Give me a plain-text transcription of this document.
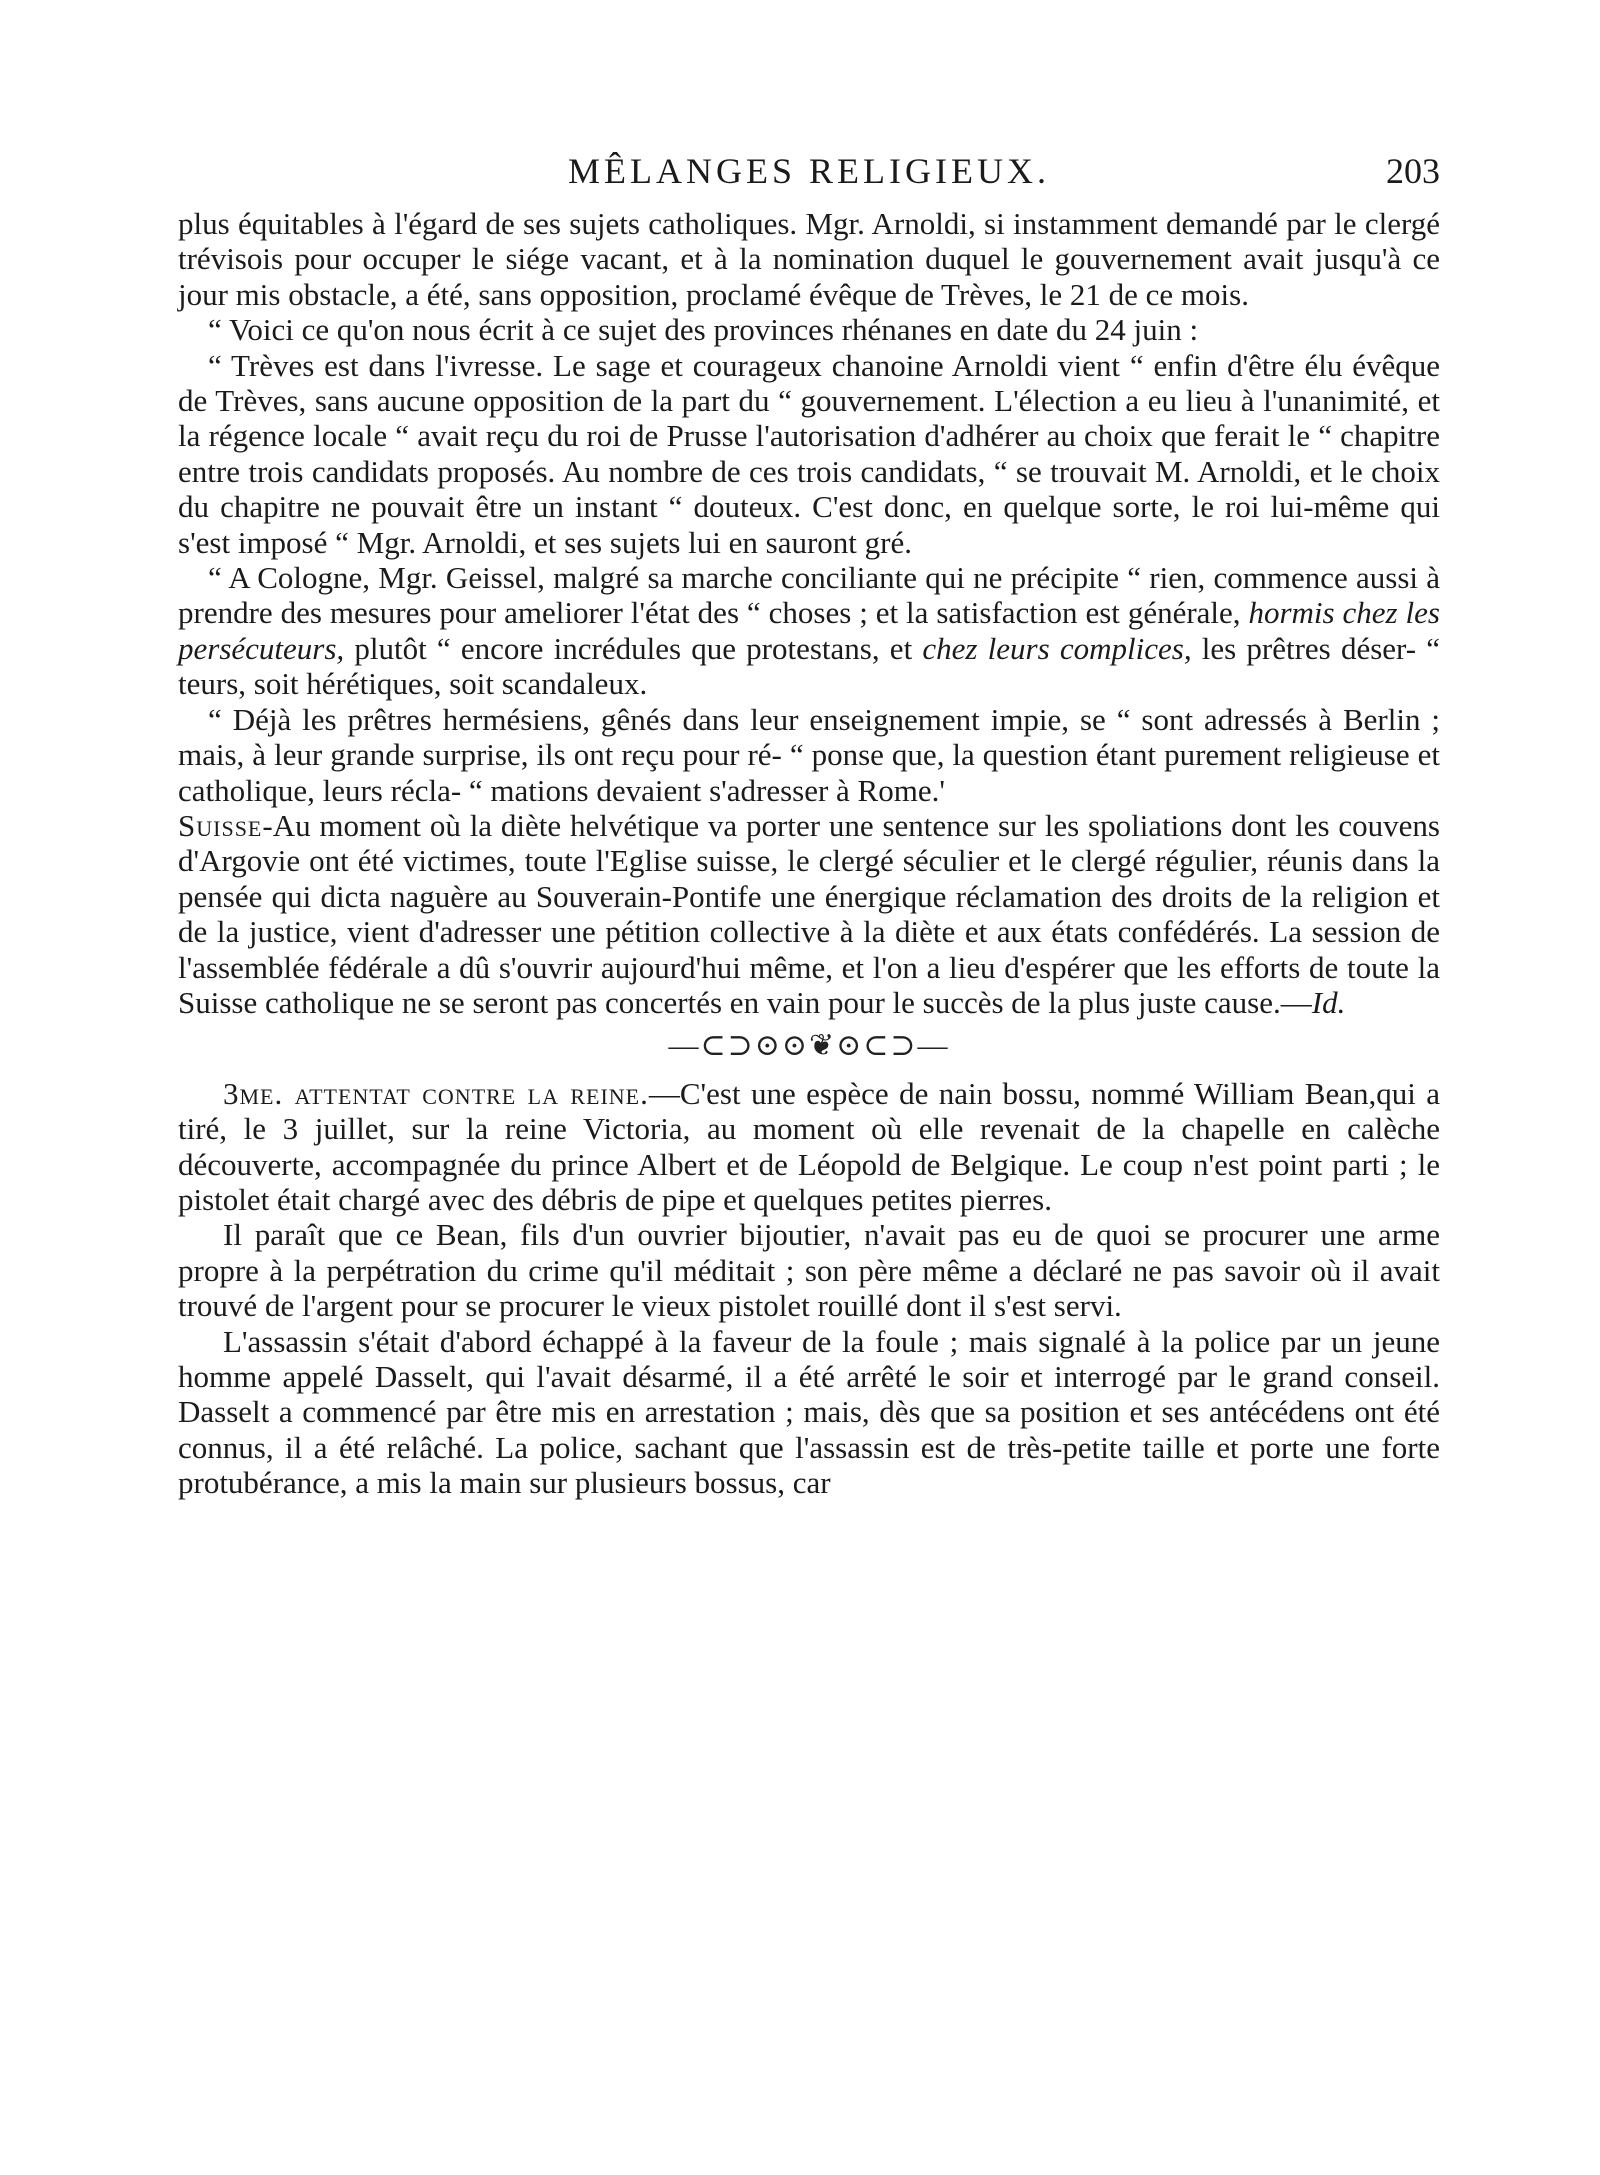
MÊLANGES RELIGIEUX.	203

plus équitables à l'égard de ses sujets catholiques. Mgr. Arnoldi, si instamment demandé par le clergé trévisois pour occuper le siége vacant, et à la nomination duquel le gouvernement avait jusqu'à ce jour mis obstacle, a été, sans opposition, proclamé évêque de Trèves, le 21 de ce mois.

“ Voici ce qu'on nous écrit à ce sujet des provinces rhénanes en date du 24 juin :

“ Trèves est dans l'ivresse. Le sage et courageux chanoine Arnoldi vient “ enfin d'être élu évêque de Trèves, sans aucune opposition de la part du “ gouvernement. L'élection a eu lieu à l'unanimité, et la régence locale “ avait reçu du roi de Prusse l'autorisation d'adhérer au choix que ferait le “ chapitre entre trois candidats proposés. Au nombre de ces trois candidats, “ se trouvait M. Arnoldi, et le choix du chapitre ne pouvait être un instant “ douteux. C'est donc, en quelque sorte, le roi lui-même qui s'est imposé “ Mgr. Arnoldi, et ses sujets lui en sauront gré.

“ A Cologne, Mgr. Geissel, malgré sa marche conciliante qui ne précipite “ rien, commence aussi à prendre des mesures pour ameliorer l'état des “ choses ; et la satisfaction est générale, hormis chez les persécuteurs, plutôt “ encore incrédules que protestans, et chez leurs complices, les prêtres déser- “ teurs, soit hérétiques, soit scandaleux.

“ Déjà les prêtres hermésiens, gênés dans leur enseignement impie, se “ sont adressés à Berlin ; mais, à leur grande surprise, ils ont reçu pour ré- “ ponse que, la question étant purement religieuse et catholique, leurs récla- “ mations devaient s'adresser à Rome.'

Suisse-Au moment où la diète helvétique va porter une sentence sur les spoliations dont les couvens d'Argovie ont été victimes, toute l'Eglise suisse, le clergé séculier et le clergé régulier, réunis dans la pensée qui dicta naguère au Souverain-Pontife une énergique réclamation des droits de la religion et de la justice, vient d'adresser une pétition collective à la diète et aux états confédérés. La session de l'assemblée fédérale a dû s'ouvrir aujourd'hui même, et l'on a lieu d'espérer que les efforts de toute la Suisse catholique ne se seront pas concertés en vain pour le succès de la plus juste cause.—Id.

—⊂⊃⊙⊙❦⊙⊂⊃—

3me. attentat contre la reine.—C'est une espèce de nain bossu, nommé William Bean,qui a tiré, le 3 juillet, sur la reine Victoria, au moment où elle revenait de la chapelle en calèche découverte, accompagnée du prince Albert et de Léopold de Belgique. Le coup n'est point parti ; le pistolet était chargé avec des débris de pipe et quelques petites pierres.

Il paraît que ce Bean, fils d'un ouvrier bijoutier, n'avait pas eu de quoi se procurer une arme propre à la perpétration du crime qu'il méditait ; son père même a déclaré ne pas savoir où il avait trouvé de l'argent pour se procurer le vieux pistolet rouillé dont il s'est servi.

L'assassin s'était d'abord échappé à la faveur de la foule ; mais signalé à la police par un jeune homme appelé Dasselt, qui l'avait désarmé, il a été arrêté le soir et interrogé par le grand conseil. Dasselt a commencé par être mis en arrestation ; mais, dès que sa position et ses antécédens ont été connus, il a été relâché. La police, sachant que l'assassin est de très-petite taille et porte une forte protubérance, a mis la main sur plusieurs bossus, car
